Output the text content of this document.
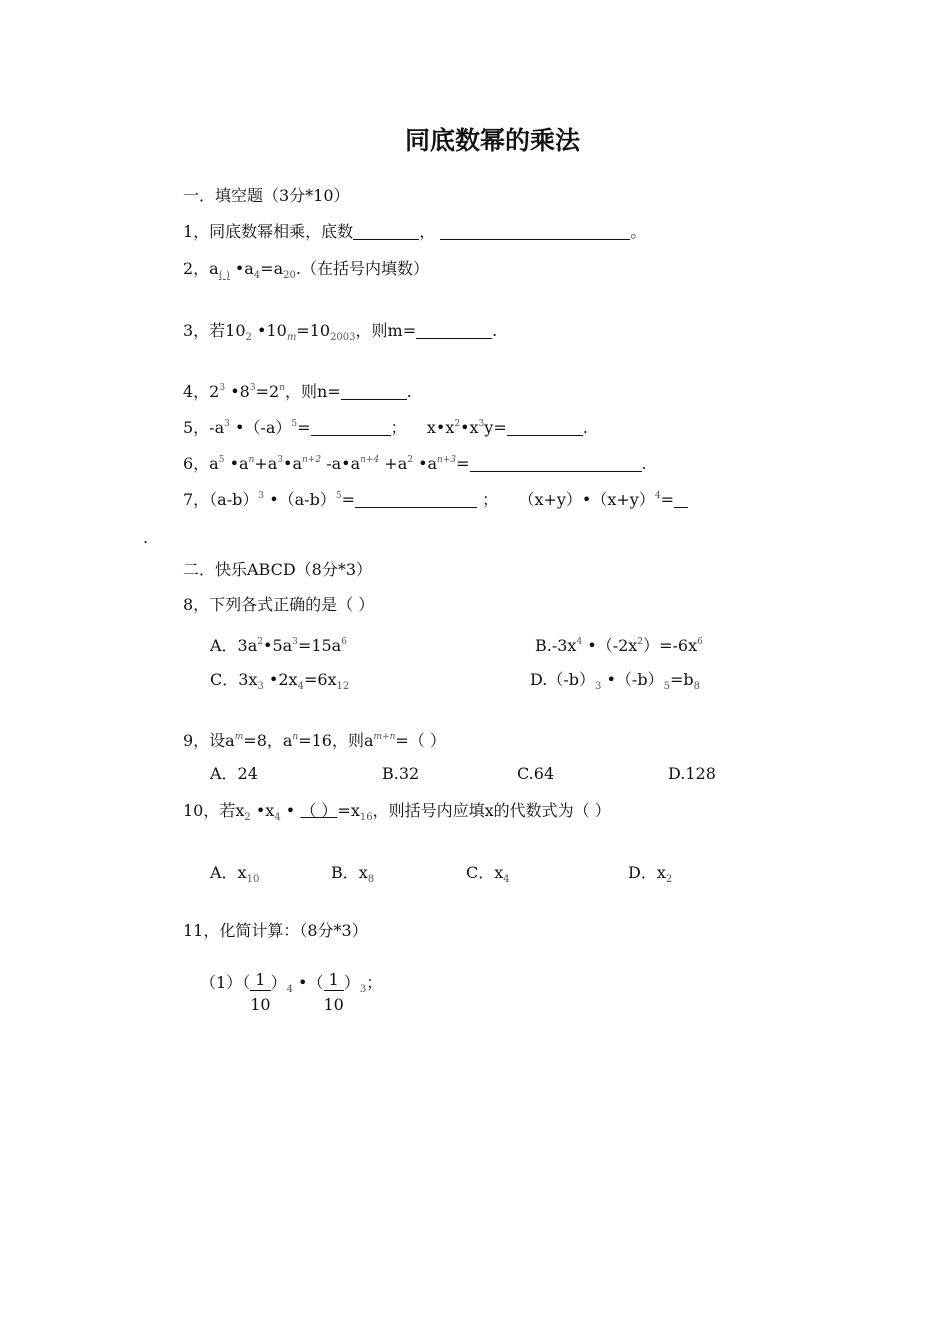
同底数幂的乘法
一．填空题（3分*10）
1，同底数幂相乘，底数	，	。
2，$a_{( )}$ $•a_4=a_{20}$.（在括号内填数）
3，若$10_2$ $•10_m=10_{2003}$，则m=	.
4，$2^3$ $•8^3=2^n$，则n=	.
5，$-a^3$ $•(-a)^5=$	； $x•x^2•x^3y=$	.
6，$a^5$ $•a^n+a^3•a^{n+2}$ $-a•a^{n+4} +a^2$ $•a^{n+3}=$	.
7，$(a-b)^3$ $•(a-b)^5=$	； $(x+y)•(x+y)^4=$
.
二．快乐ABCD（8分*3）
8，下列各式正确的是（ ）
A．$3a^2•5a^3=15a^6$	$B.-3x^4$ $•(-2x^2)=-6x^6$
C．$3x_3$ $•2x_4=6x_{12}$	$D.(-b)_3$ $•(-b)_5=b_8$
9，设$a^m=8$，$a^n=16$，则$a^{m+n}=$（ ）
A．24	B.32	C.64	D.128
10，若$x_2$ $•x_4$ • （ ）$=x_{16}$，则括号内应填x的代数式为（ ）
A．$x_{10}$	B．$x_8$	C．$x_4$	D．$x_2$
11，化简计算：（8分*3）
$(1)( \frac{1}{10} )_4$ •（ $\frac{1}{10} )_3$；
